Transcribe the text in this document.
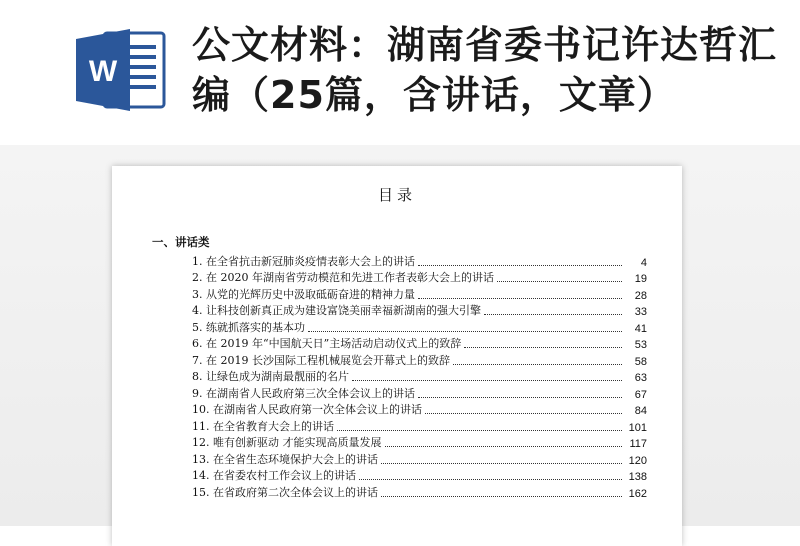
W
公文材料：湖南省委书记许达哲汇编（25篇，含讲话，文章）
目录
一、讲话类
1. 在全省抗击新冠肺炎疫情表彰大会上的讲话	4
2. 在 2020 年湖南省劳动模范和先进工作者表彰大会上的讲话	19
3. 从党的光辉历史中汲取砥砺奋进的精神力量	28
4. 让科技创新真正成为建设富饶美丽幸福新湖南的强大引擎	33
5. 练就抓落实的基本功	41
6. 在 2019 年“中国航天日”主场活动启动仪式上的致辞	53
7. 在 2019 长沙国际工程机械展览会开幕式上的致辞	58
8. 让绿色成为湖南最靓丽的名片	63
9. 在湖南省人民政府第三次全体会议上的讲话	67
10. 在湖南省人民政府第一次全体会议上的讲话	84
11. 在全省教育大会上的讲话	101
12. 唯有创新驱动 才能实现高质量发展	117
13. 在全省生态环境保护大会上的讲话	120
14. 在省委农村工作会议上的讲话	138
15. 在省政府第二次全体会议上的讲话	162
